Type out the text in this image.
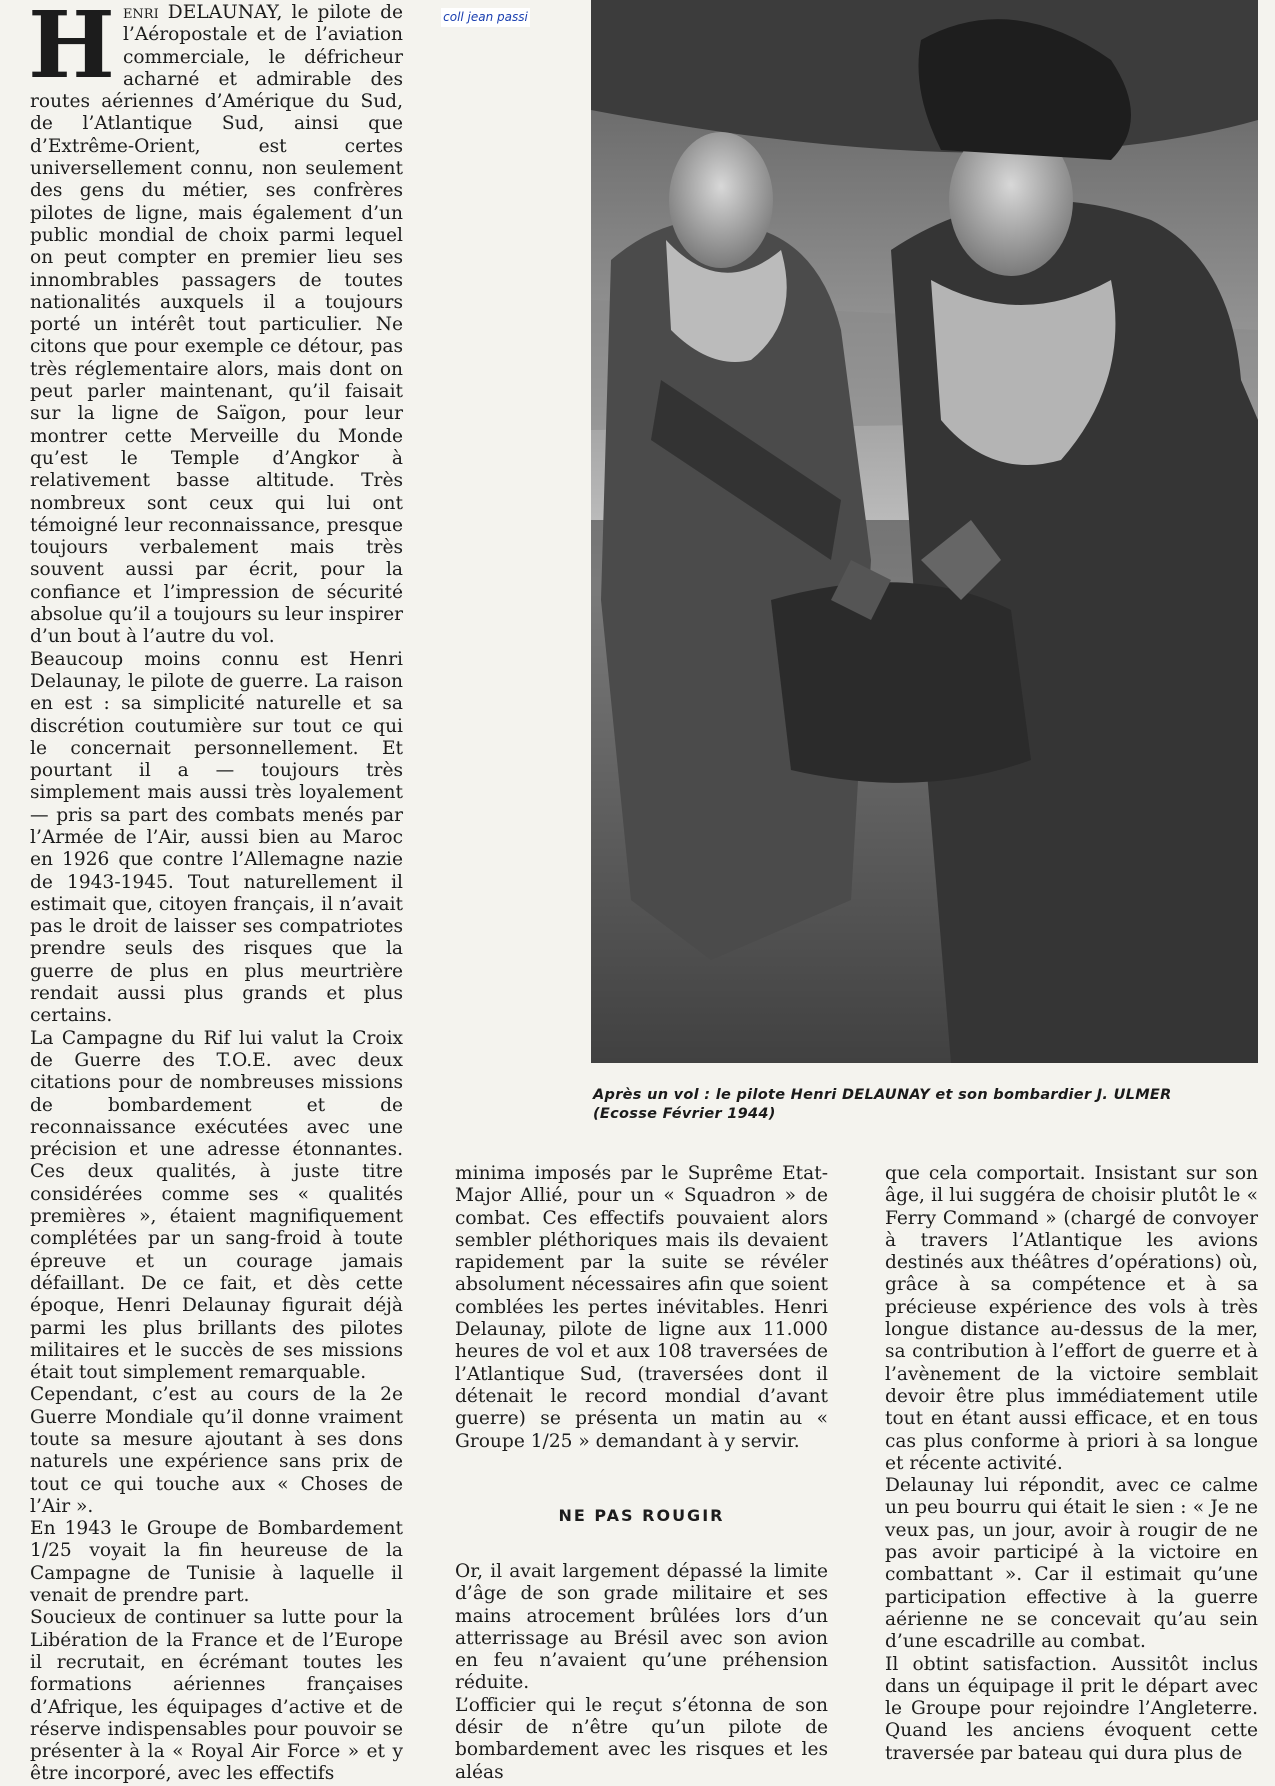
coll jean passi

Henri DELAUNAY, le pilote de l’Aéropostale et de l’aviation commerciale, le défricheur acharné et admirable des routes aériennes d’Amérique du Sud, de l’Atlantique Sud, ainsi que d’Extrême-Orient, est certes universellement connu, non seulement des gens du métier, ses confrères pilotes de ligne, mais également d’un public mondial de choix parmi lequel on peut compter en premier lieu ses innombrables passagers de toutes nationalités auxquels il a toujours porté un intérêt tout particulier. Ne citons que pour exemple ce détour, pas très réglementaire alors, mais dont on peut parler maintenant, qu’il faisait sur la ligne de Saïgon, pour leur montrer cette Merveille du Monde qu’est le Temple d’Angkor à relativement basse altitude. Très nombreux sont ceux qui lui ont témoigné leur reconnaissance, presque toujours verbalement mais très souvent aussi par écrit, pour la confiance et l’impression de sécurité absolue qu’il a toujours su leur inspirer d’un bout à l’autre du vol.

Beaucoup moins connu est Henri Delaunay, le pilote de guerre. La raison en est : sa simplicité naturelle et sa discrétion coutumière sur tout ce qui le concernait personnellement. Et pourtant il a — toujours très simplement mais aussi très loyalement — pris sa part des combats menés par l’Armée de l’Air, aussi bien au Maroc en 1926 que contre l’Allemagne nazie de 1943-1945. Tout naturellement il estimait que, citoyen français, il n’avait pas le droit de laisser ses compatriotes prendre seuls des risques que la guerre de plus en plus meurtrière rendait aussi plus grands et plus certains.

La Campagne du Rif lui valut la Croix de Guerre des T.O.E. avec deux citations pour de nombreuses missions de bombardement et de reconnaissance exécutées avec une précision et une adresse étonnantes. Ces deux qualités, à juste titre considérées comme ses « qualités premières », étaient magnifiquement complétées par un sang-froid à toute épreuve et un courage jamais défaillant. De ce fait, et dès cette époque, Henri Delaunay figurait déjà parmi les plus brillants des pilotes militaires et le succès de ses missions était tout simplement remarquable.

Cependant, c’est au cours de la 2e Guerre Mondiale qu’il donne vraiment toute sa mesure ajoutant à ses dons naturels une expérience sans prix de tout ce qui touche aux « Choses de l’Air ».

En 1943 le Groupe de Bombardement 1/25 voyait la fin heureuse de la Campagne de Tunisie à laquelle il venait de prendre part.

Soucieux de continuer sa lutte pour la Libération de la France et de l’Europe il recrutait, en écrémant toutes les formations aériennes françaises d’Afrique, les équipages d’active et de réserve indispensables pour pouvoir se présenter à la « Royal Air Force » et y être incorporé, avec les effectifs

Après un vol : le pilote Henri DELAUNAY et son bombardier J. ULMER
(Ecosse Février 1944)

minima imposés par le Suprême Etat-Major Allié, pour un « Squadron » de combat. Ces effectifs pouvaient alors sembler pléthoriques mais ils devaient rapidement par la suite se révéler absolument nécessaires afin que soient comblées les pertes inévitables. Henri Delaunay, pilote de ligne aux 11.000 heures de vol et aux 108 traversées de l’Atlantique Sud, (traversées dont il détenait le record mondial d’avant guerre) se présenta un matin au « Groupe 1/25 » demandant à y servir.

NE PAS ROUGIR

Or, il avait largement dépassé la limite d’âge de son grade militaire et ses mains atrocement brûlées lors d’un atterrissage au Brésil avec son avion en feu n’avaient qu’une préhension réduite.

L’officier qui le reçut s’étonna de son désir de n’être qu’un pilote de bombardement avec les risques et les aléas

que cela comportait. Insistant sur son âge, il lui suggéra de choisir plutôt le « Ferry Command » (chargé de convoyer à travers l’Atlantique les avions destinés aux théâtres d’opérations) où, grâce à sa compétence et à sa précieuse expérience des vols à très longue distance au-dessus de la mer, sa contribution à l’effort de guerre et à l’avènement de la victoire semblait devoir être plus immédiatement utile tout en étant aussi efficace, et en tous cas plus conforme à priori à sa longue et récente activité.

Delaunay lui répondit, avec ce calme un peu bourru qui était le sien : « Je ne veux pas, un jour, avoir à rougir de ne pas avoir participé à la victoire en combattant ». Car il estimait qu’une participation effective à la guerre aérienne ne se concevait qu’au sein d’une escadrille au combat.

Il obtint satisfaction. Aussitôt inclus dans un équipage il prit le départ avec le Groupe pour rejoindre l’Angleterre. Quand les anciens évoquent cette traversée par bateau qui dura plus de
